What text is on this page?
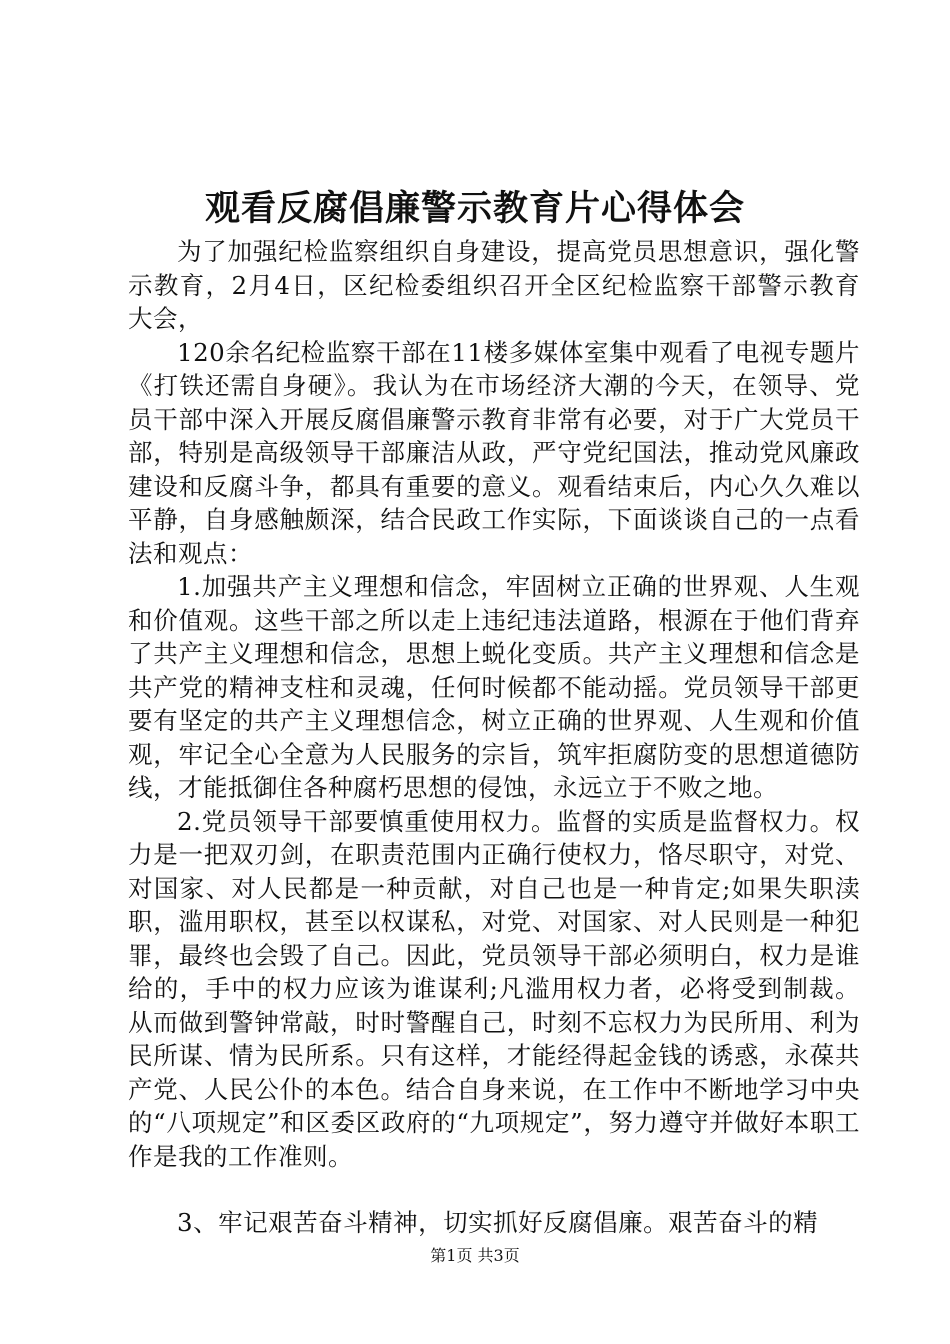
观看反腐倡廉警示教育片心得体会

为了加强纪检监察组织自身建设，提高党员思想意识，强化警示教育，2月4日，区纪检委组织召开全区纪检监察干部警示教育大会，

120余名纪检监察干部在11楼多媒体室集中观看了电视专题片《打铁还需自身硬》。我认为在市场经济大潮的今天，在领导、党员干部中深入开展反腐倡廉警示教育非常有必要，对于广大党员干部，特别是高级领导干部廉洁从政，严守党纪国法，推动党风廉政建设和反腐斗争，都具有重要的意义。观看结束后，内心久久难以平静，自身感触颇深，结合民政工作实际，下面谈谈自己的一点看法和观点：

1.加强共产主义理想和信念，牢固树立正确的世界观、人生观和价值观。这些干部之所以走上违纪违法道路，根源在于他们背弃了共产主义理想和信念，思想上蜕化变质。共产主义理想和信念是共产党的精神支柱和灵魂，任何时候都不能动摇。党员领导干部更要有坚定的共产主义理想信念，树立正确的世界观、人生观和价值观，牢记全心全意为人民服务的宗旨，筑牢拒腐防变的思想道德防线，才能抵御住各种腐朽思想的侵蚀，永远立于不败之地。

2.党员领导干部要慎重使用权力。监督的实质是监督权力。权力是一把双刃剑，在职责范围内正确行使权力，恪尽职守，对党、对国家、对人民都是一种贡献，对自己也是一种肯定;如果失职渎职，滥用职权，甚至以权谋私，对党、对国家、对人民则是一种犯罪，最终也会毁了自己。因此，党员领导干部必须明白，权力是谁给的，手中的权力应该为谁谋利;凡滥用权力者，必将受到制裁。从而做到警钟常敲，时时警醒自己，时刻不忘权力为民所用、利为民所谋、情为民所系。只有这样，才能经得起金钱的诱惑，永葆共产党、人民公仆的本色。结合自身来说，在工作中不断地学习中央的“八项规定”和区委区政府的“九项规定”，努力遵守并做好本职工作是我的工作准则。

3、牢记艰苦奋斗精神，切实抓好反腐倡廉。艰苦奋斗的精

第1页 共3页
